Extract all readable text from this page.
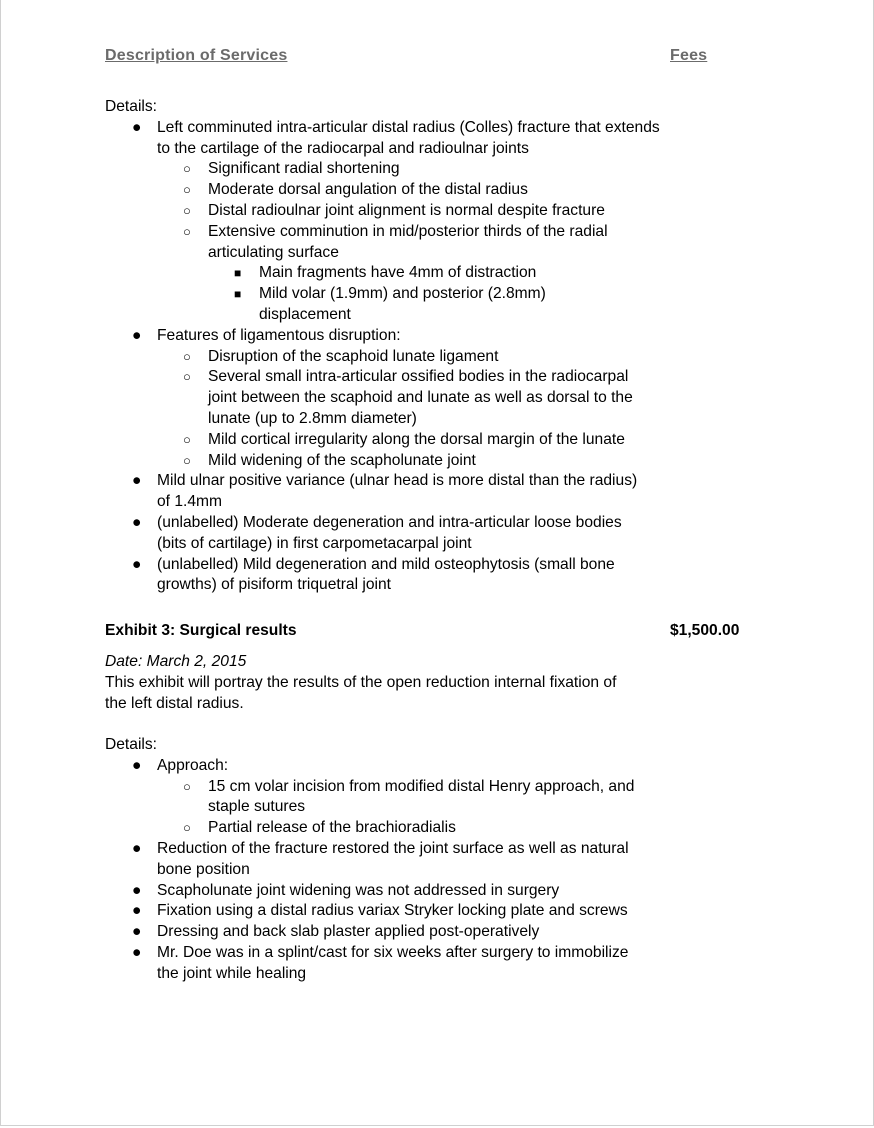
Description of Services	Fees

Details:

● Left comminuted intra-articular distal radius (Colles) fracture that extends to the cartilage of the radiocarpal and radioulnar joints
○ Significant radial shortening
○ Moderate dorsal angulation of the distal radius
○ Distal radioulnar joint alignment is normal despite fracture
○ Extensive comminution in mid/posterior thirds of the radial articulating surface
■ Main fragments have 4mm of distraction
■ Mild volar (1.9mm) and posterior (2.8mm) displacement
● Features of ligamentous disruption:
○ Disruption of the scaphoid lunate ligament
○ Several small intra-articular ossified bodies in the radiocarpal joint between the scaphoid and lunate as well as dorsal to the lunate (up to 2.8mm diameter)
○ Mild cortical irregularity along the dorsal margin of the lunate
○ Mild widening of the scapholunate joint
● Mild ulnar positive variance (ulnar head is more distal than the radius) of 1.4mm
● (unlabelled) Moderate degeneration and intra-articular loose bodies (bits of cartilage) in first carpometacarpal joint
● (unlabelled) Mild degeneration and mild osteophytosis (small bone growths) of pisiform triquetral joint
Exhibit 3: Surgical results	$1,500.00

Date: March 2, 2015

This exhibit will portray the results of the open reduction internal fixation of the left distal radius.

Details:

● Approach:
○ 15 cm volar incision from modified distal Henry approach, and staple sutures
○ Partial release of the brachioradialis
● Reduction of the fracture restored the joint surface as well as natural bone position
● Scapholunate joint widening was not addressed in surgery
● Fixation using a distal radius variax Stryker locking plate and screws
● Dressing and back slab plaster applied post-operatively
● Mr. Doe was in a splint/cast for six weeks after surgery to immobilize the joint while healing
